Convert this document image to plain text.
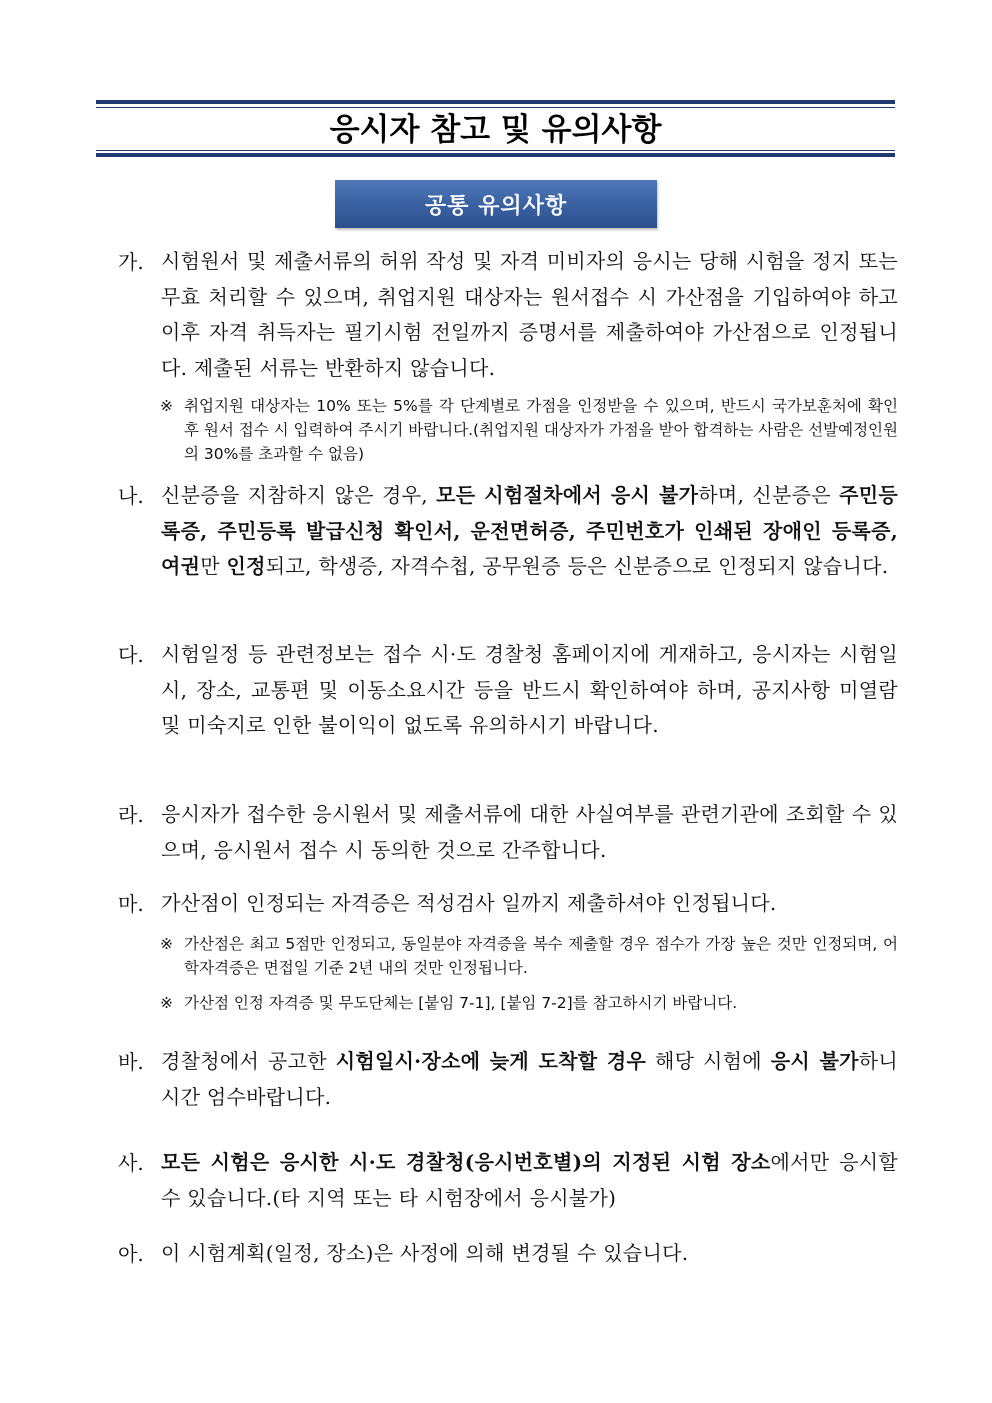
응시자 참고 및 유의사항
공통 유의사항
가. 시험원서 및 제출서류의 허위 작성 및 자격 미비자의 응시는 당해 시험을 정지 또는 무효 처리할 수 있으며, 취업지원 대상자는 원서접수 시 가산점을 기입하여야 하고 이후 자격 취득자는 필기시험 전일까지 증명서를 제출하여야 가산점으로 인정됩니다. 제출된 서류는 반환하지 않습니다.
※ 취업지원 대상자는 10% 또는 5%를 각 단계별로 가점을 인정받을 수 있으며, 반드시 국가보훈처에 확인 후 원서 접수 시 입력하여 주시기 바랍니다.(취업지원 대상자가 가점을 받아 합격하는 사람은 선발예정인원의 30%를 초과할 수 없음)
나. 신분증을 지참하지 않은 경우, 모든 시험절차에서 응시 불가하며, 신분증은 주민등록증, 주민등록 발급신청 확인서, 운전면허증, 주민번호가 인쇄된 장애인 등록증, 여권만 인정되고, 학생증, 자격수첩, 공무원증 등은 신분증으로 인정되지 않습니다.
다. 시험일정 등 관련정보는 접수 시·도 경찰청 홈페이지에 게재하고, 응시자는 시험일시, 장소, 교통편 및 이동소요시간 등을 반드시 확인하여야 하며, 공지사항 미열람 및 미숙지로 인한 불이익이 없도록 유의하시기 바랍니다.
라. 응시자가 접수한 응시원서 및 제출서류에 대한 사실여부를 관련기관에 조회할 수 있으며, 응시원서 접수 시 동의한 것으로 간주합니다.
마. 가산점이 인정되는 자격증은 적성검사 일까지 제출하셔야 인정됩니다.
※ 가산점은 최고 5점만 인정되고, 동일분야 자격증을 복수 제출할 경우 점수가 가장 높은 것만 인정되며, 어학자격증은 면접일 기준 2년 내의 것만 인정됩니다.
※ 가산점 인정 자격증 및 무도단체는 [붙임 7-1], [붙임 7-2]를 참고하시기 바랍니다.
바. 경찰청에서 공고한 시험일시·장소에 늦게 도착할 경우 해당 시험에 응시 불가하니 시간 엄수바랍니다.
사. 모든 시험은 응시한 시·도 경찰청(응시번호별)의 지정된 시험 장소에서만 응시할 수 있습니다.(타 지역 또는 타 시험장에서 응시불가)
아. 이 시험계획(일정, 장소)은 사정에 의해 변경될 수 있습니다.
